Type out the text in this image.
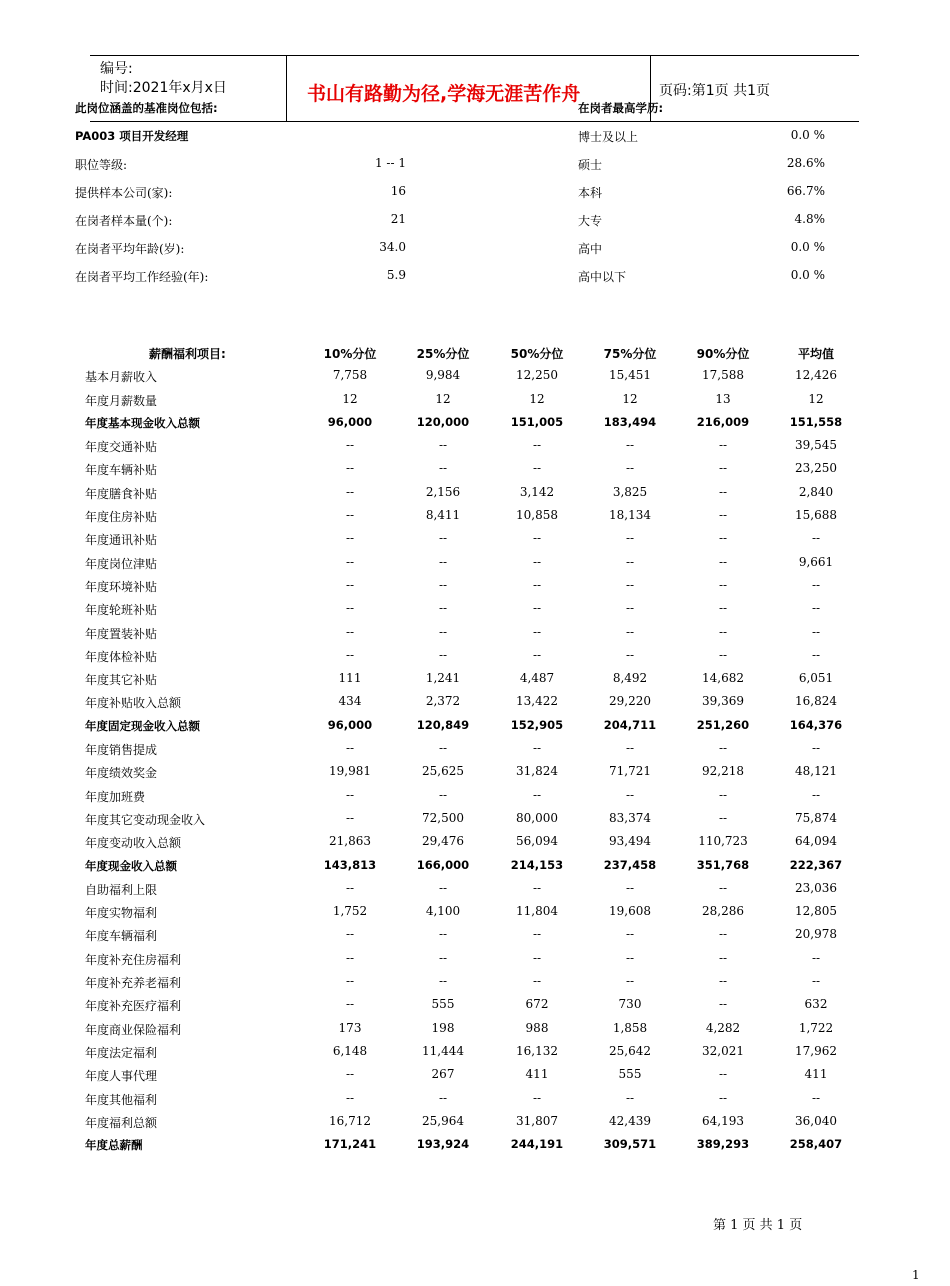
编号:
时间:2021年x月x日	书山有路勤为径,学海无涯苦作舟	页码:第1页 共1页
此岗位涵盖的基准岗位包括:	在岗者最高学历:
PA003 项目开发经理	博士及以上	0.0 %
职位等级:	1 -- 1	硕士	28.6%
提供样本公司(家):	16	本科	66.7%
在岗者样本量(个):	21	大专	4.8%
在岗者平均年龄(岁):	34.0	高中	0.0 %
在岗者平均工作经验(年):	5.9	高中以下	0.0 %
薪酬福利项目:	10%分位	25%分位	50%分位	75%分位	90%分位	平均值
基本月薪收入	7,758	9,984	12,250	15,451	17,588	12,426
年度月薪数量	12	12	12	12	13	12
年度基本现金收入总额	96,000	120,000	151,005	183,494	216,009	151,558
年度交通补贴	--	--	--	--	--	39,545
年度车辆补贴	--	--	--	--	--	23,250
年度膳食补贴	--	2,156	3,142	3,825	--	2,840
年度住房补贴	--	8,411	10,858	18,134	--	15,688
年度通讯补贴	--	--	--	--	--	--
年度岗位津贴	--	--	--	--	--	9,661
年度环境补贴	--	--	--	--	--	--
年度轮班补贴	--	--	--	--	--	--
年度置装补贴	--	--	--	--	--	--
年度体检补贴	--	--	--	--	--	--
年度其它补贴	111	1,241	4,487	8,492	14,682	6,051
年度补贴收入总额	434	2,372	13,422	29,220	39,369	16,824
年度固定现金收入总额	96,000	120,849	152,905	204,711	251,260	164,376
年度销售提成	--	--	--	--	--	--
年度绩效奖金	19,981	25,625	31,824	71,721	92,218	48,121
年度加班费	--	--	--	--	--	--
年度其它变动现金收入	--	72,500	80,000	83,374	--	75,874
年度变动收入总额	21,863	29,476	56,094	93,494	110,723	64,094
年度现金收入总额	143,813	166,000	214,153	237,458	351,768	222,367
自助福利上限	--	--	--	--	--	23,036
年度实物福利	1,752	4,100	11,804	19,608	28,286	12,805
年度车辆福利	--	--	--	--	--	20,978
年度补充住房福利	--	--	--	--	--	--
年度补充养老福利	--	--	--	--	--	--
年度补充医疗福利	--	555	672	730	--	632
年度商业保险福利	173	198	988	1,858	4,282	1,722
年度法定福利	6,148	11,444	16,132	25,642	32,021	17,962
年度人事代理	--	267	411	555	--	411
年度其他福利	--	--	--	--	--	--
年度福利总额	16,712	25,964	31,807	42,439	64,193	36,040
年度总薪酬	171,241	193,924	244,191	309,571	389,293	258,407
第 1 页 共 1 页
1
